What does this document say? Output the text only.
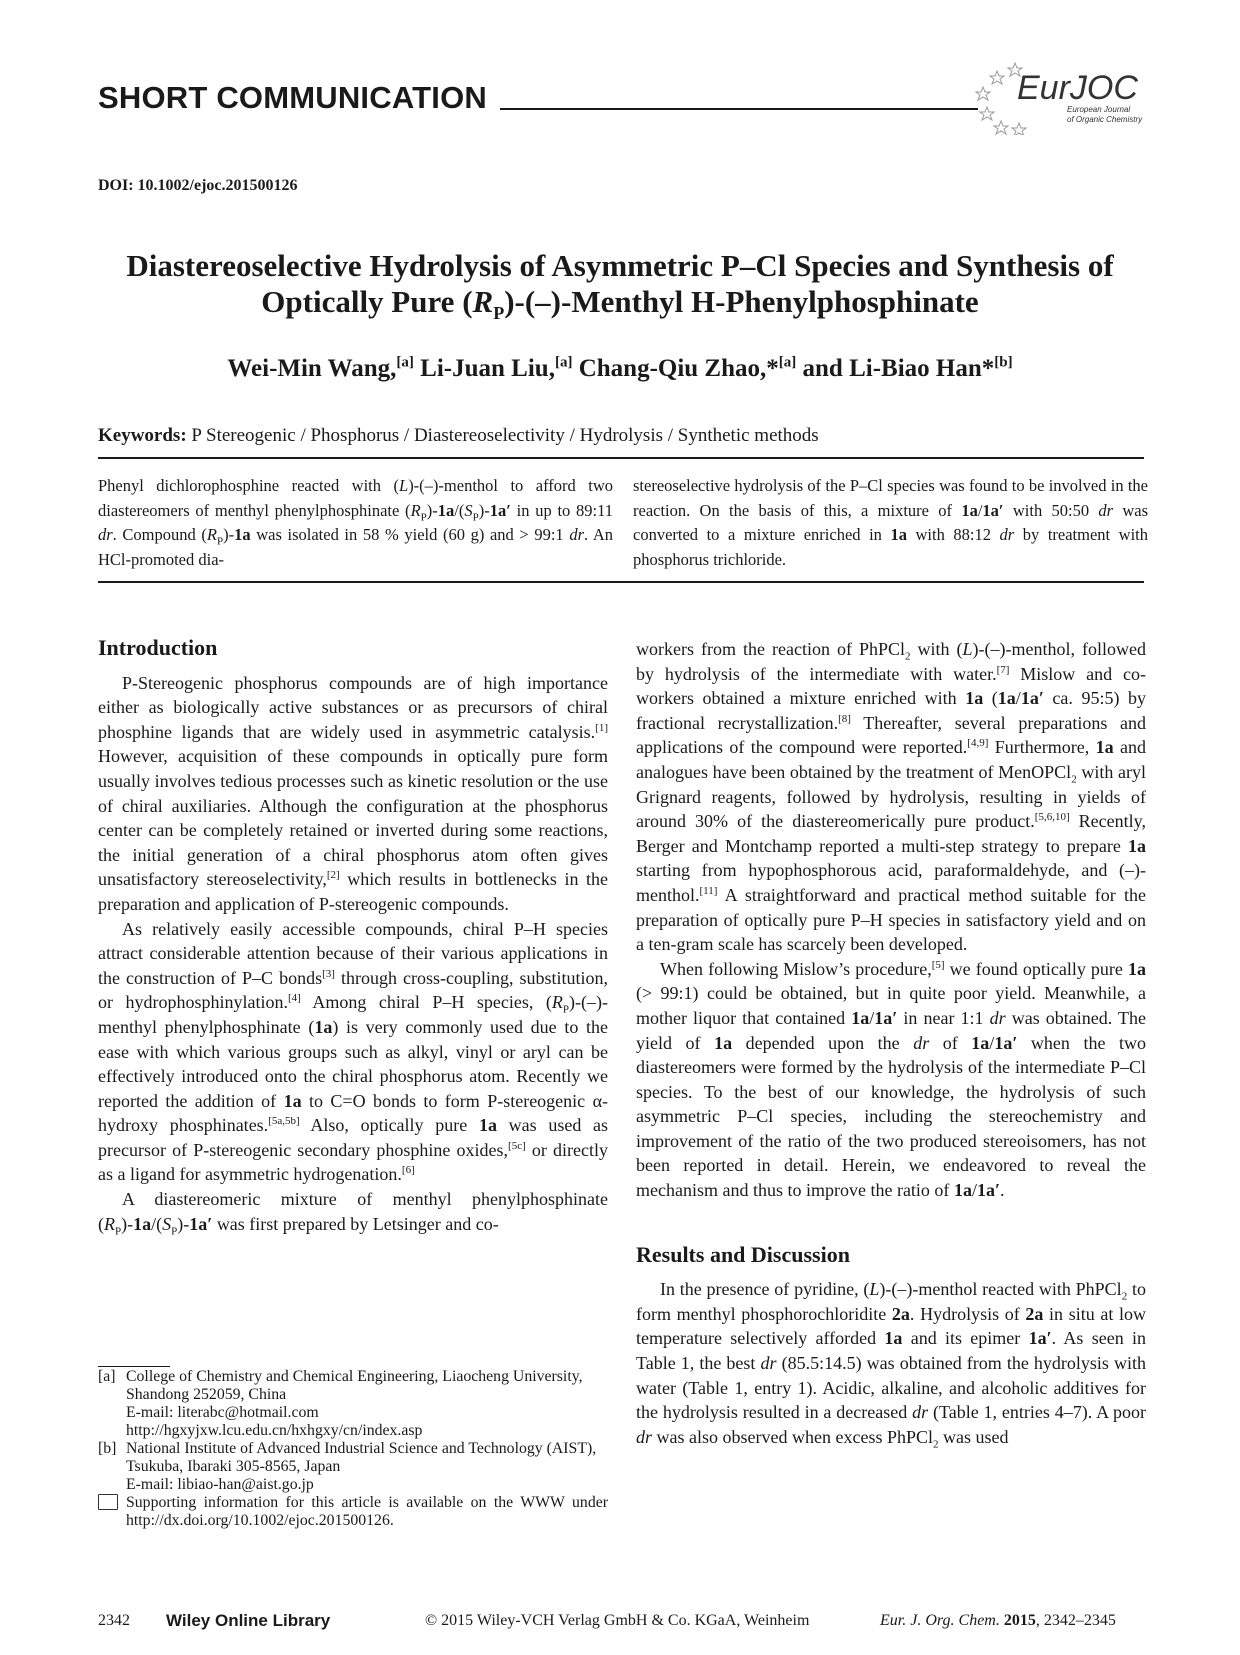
SHORT COMMUNICATION	EurJOC
European Journal
of Organic Chemistry
DOI: 10.1002/ejoc.201500126
Diastereoselective Hydrolysis of Asymmetric P–Cl Species and Synthesis of
Optically Pure $(R_P)-(-)$-Menthyl H-Phenylphosphinate
Wei-Min Wang,[a] Li-Juan Liu,[a] Chang-Qiu Zhao,*[a] and Li-Biao Han*[b]
Keywords: P Stereogenic / Phosphorus / Diastereoselectivity / Hydrolysis / Synthetic methods
Phenyl dichlorophosphine reacted with (L)-(–)-menthol to afford two diastereomers of menthyl phenylphosphinate $(R_P)-1a/(S_P)-1a'$ in up to 89:11 dr. Compound $(R_P)-1a$ was isolated in 58 % yield (60 g) and > 99:1 dr. An HCl-promoted dia-
stereoselective hydrolysis of the P–Cl species was found to be involved in the reaction. On the basis of this, a mixture of 1a/1a′ with 50:50 dr was converted to a mixture enriched in 1a with 88:12 dr by treatment with phosphorus trichloride.
Introduction

P-Stereogenic phosphorus compounds are of high importance either as biologically active substances or as precursors of chiral phosphine ligands that are widely used in asymmetric catalysis.[1] However, acquisition of these compounds in optically pure form usually involves tedious processes such as kinetic resolution or the use of chiral auxiliaries. Although the configuration at the phosphorus center can be completely retained or inverted during some reactions, the initial generation of a chiral phosphorus atom often gives unsatisfactory stereoselectivity,[2] which results in bottlenecks in the preparation and application of P-stereogenic compounds.

As relatively easily accessible compounds, chiral P–H species attract considerable attention because of their various applications in the construction of P–C bonds[3] through cross-coupling, substitution, or hydrophosphinylation.[4] Among chiral P–H species, $(R_P)-(-)$-menthyl phenylphosphinate (1a) is very commonly used due to the ease with which various groups such as alkyl, vinyl or aryl can be effectively introduced onto the chiral phosphorus atom. Recently we reported the addition of 1a to C=O bonds to form P-stereogenic α-hydroxy phosphinates.[5a,5b] Also, optically pure 1a was used as precursor of P-stereogenic secondary phosphine oxides,[5c] or directly as a ligand for asymmetric hydrogenation.[6]

A diastereomeric mixture of menthyl phenylphosphinate $(R_P)-1a/(S_P)-1a'$ was first prepared by Letsinger and co-

workers from the reaction of PhPCl$_2$ with (L)-(–)-menthol, followed by hydrolysis of the intermediate with water.[7] Mislow and co-workers obtained a mixture enriched with 1a (1a/1a′ ca. 95:5) by fractional recrystallization.[8] Thereafter, several preparations and applications of the compound were reported.[4,9] Furthermore, 1a and analogues have been obtained by the treatment of MenOPCl$_2$ with aryl Grignard reagents, followed by hydrolysis, resulting in yields of around 30% of the diastereomerically pure product.[5,6,10] Recently, Berger and Montchamp reported a multi-step strategy to prepare 1a starting from hypophosphorous acid, paraformaldehyde, and (–)-menthol.[11] A straightforward and practical method suitable for the preparation of optically pure P–H species in satisfactory yield and on a ten-gram scale has scarcely been developed.

When following Mislow’s procedure,[5] we found optically pure 1a (> 99:1) could be obtained, but in quite poor yield. Meanwhile, a mother liquor that contained 1a/1a′ in near 1:1 dr was obtained. The yield of 1a depended upon the dr of 1a/1a′ when the two diastereomers were formed by the hydrolysis of the intermediate P–Cl species. To the best of our knowledge, the hydrolysis of such asymmetric P–Cl species, including the stereochemistry and improvement of the ratio of the two produced stereoisomers, has not been reported in detail. Herein, we endeavored to reveal the mechanism and thus to improve the ratio of 1a/1a′.

Results and Discussion

In the presence of pyridine, (L)-(–)-menthol reacted with PhPCl$_2$ to form menthyl phosphorochloridite 2a. Hydrolysis of 2a in situ at low temperature selectively afforded 1a and its epimer 1a′. As seen in Table 1, the best dr (85.5:14.5) was obtained from the hydrolysis with water (Table 1, entry 1). Acidic, alkaline, and alcoholic additives for the hydrolysis resulted in a decreased dr (Table 1, entries 4–7). A poor dr was also observed when excess PhPCl$_2$ was used

[a] College of Chemistry and Chemical Engineering, Liaocheng University,
Shandong 252059, China
E-mail: literabc@hotmail.com
http://hgxyjxw.lcu.edu.cn/hxhgxy/cn/index.asp
[b] National Institute of Advanced Industrial Science and Technology (AIST),
Tsukuba, Ibaraki 305-8565, Japan
E-mail: libiao-han@aist.go.jp
Supporting information for this article is available on the WWW under http://dx.doi.org/10.1002/ejoc.201500126.
2342 Wiley Online Library	© 2015 Wiley-VCH Verlag GmbH & Co. KGaA, Weinheim	Eur. J. Org. Chem. 2015, 2342–2345
